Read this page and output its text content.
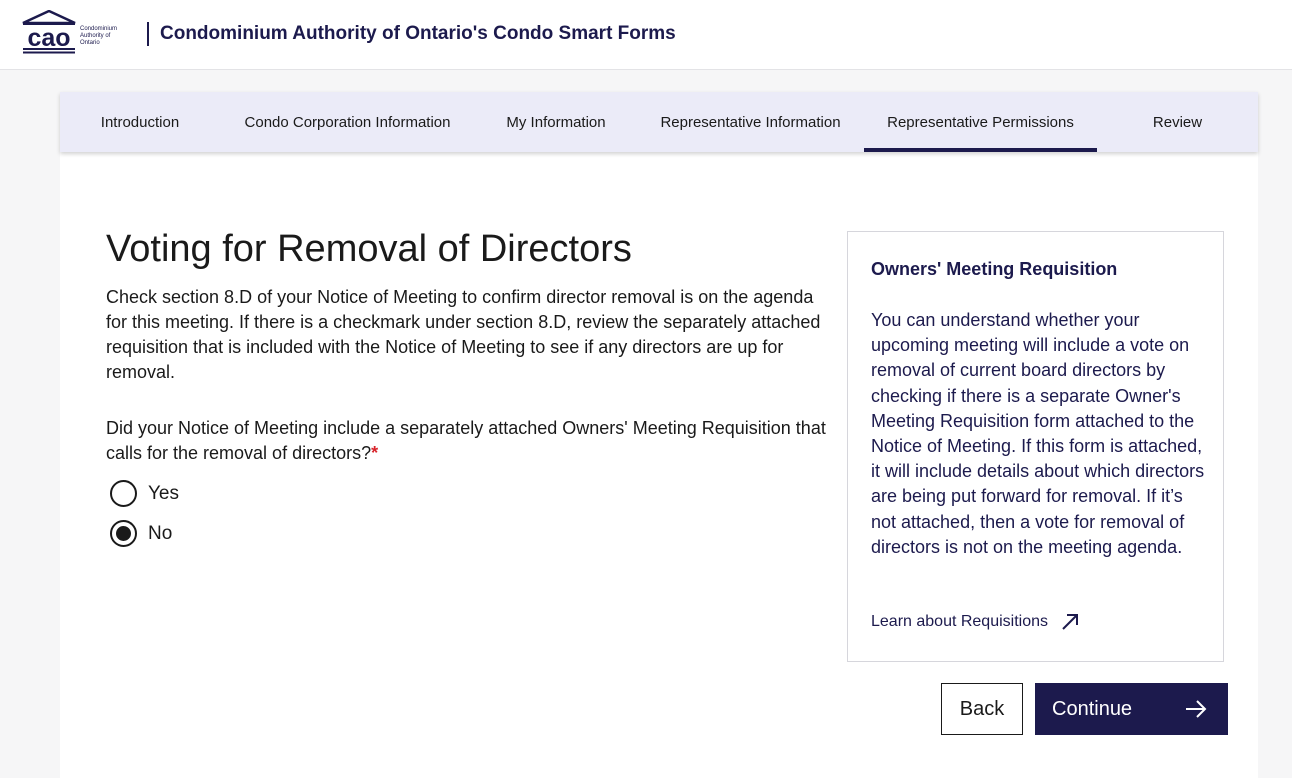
cao Condominium
Authority of
Ontario	Condominium Authority of Ontario's Condo Smart Forms
Introduction	Condo Corporation Information	My Information	Representative Information	Representative Permissions	Review
Voting for Removal of Directors

Check section 8.D of your Notice of Meeting to confirm director removal is on the agenda for this meeting. If there is a checkmark under section 8.D, review the separately attached requisition that is included with the Notice of Meeting to see if any directors are up for removal.

Did your Notice of Meeting include a separately attached Owners' Meeting Requisition that calls for the removal of directors?*

Yes
No
Owners' Meeting Requisition
You can understand whether your upcoming meeting will include a vote on removal of current board directors by checking if there is a separate Owner's Meeting Requisition form attached to the Notice of Meeting. If this form is attached, it will include details about which directors are being put forward for removal. If it’s not attached, then a vote for removal of directors is not on the meeting agenda.
Learn about Requisitions
Back	Continue
